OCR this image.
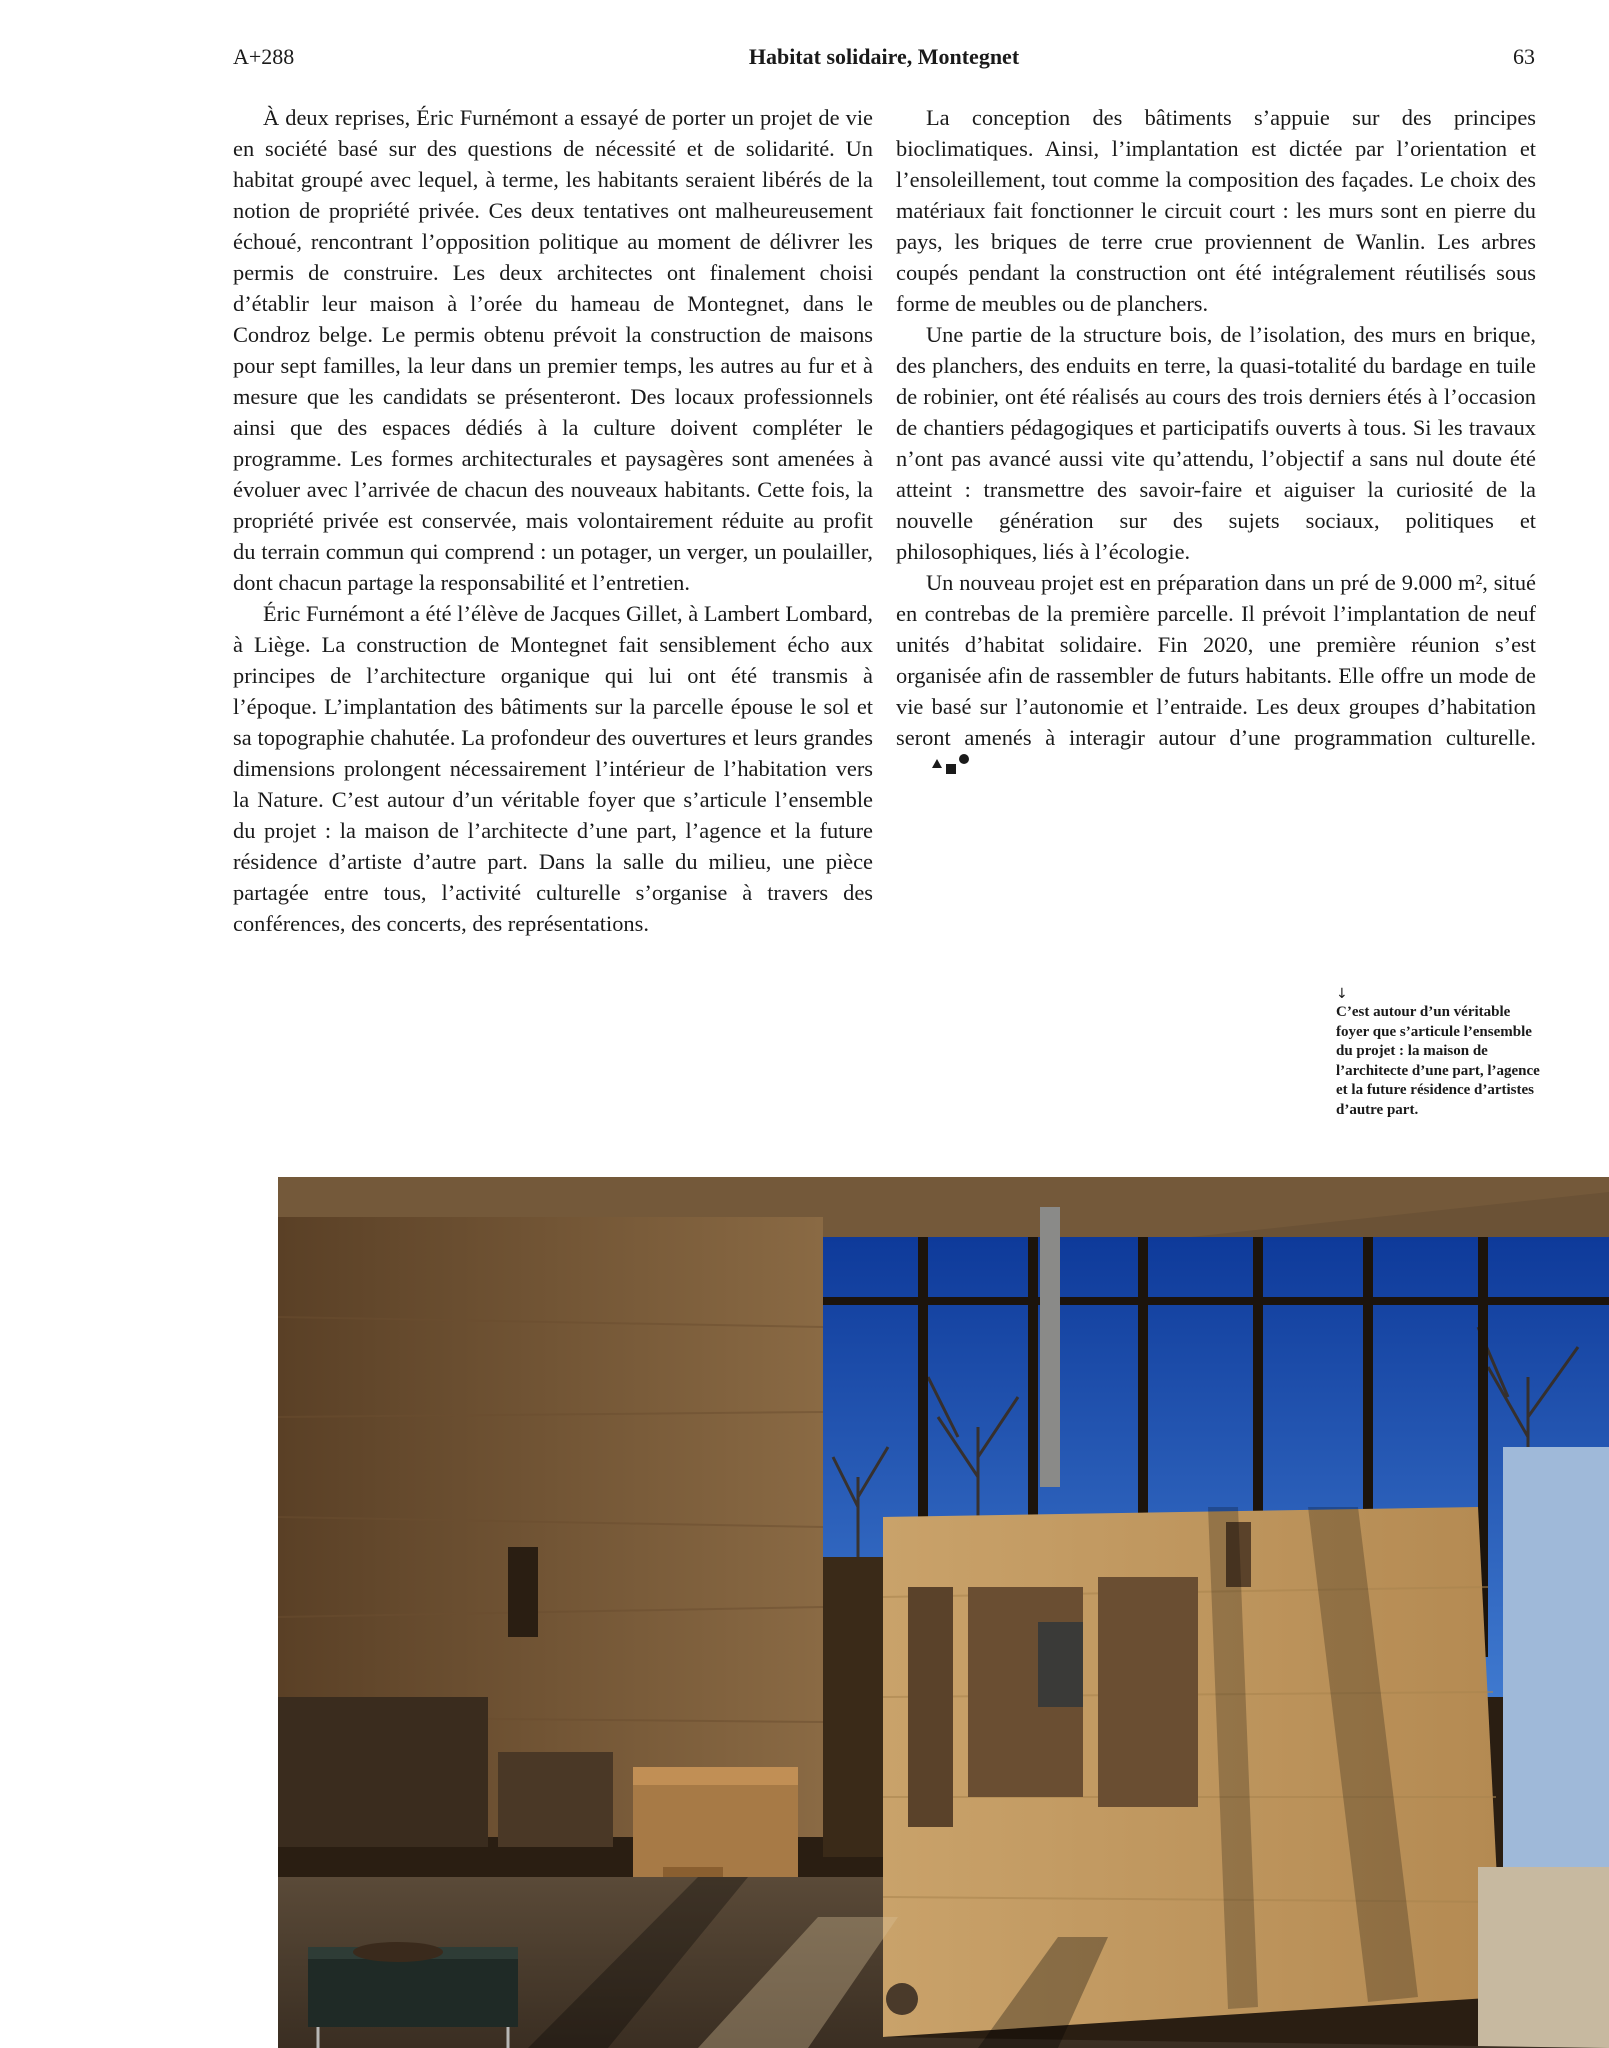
A+288	Habitat solidaire, Montegnet	63

À deux reprises, Éric Furnémont a essayé de porter un projet de vie en société basé sur des questions de nécessité et de solidarité. Un habitat groupé avec lequel, à terme, les habitants seraient libérés de la notion de propriété privée. Ces deux tentatives ont malheureusement échoué, rencontrant l’opposition politique au moment de délivrer les permis de construire. Les deux architectes ont finalement choisi d’établir leur maison à l’orée du hameau de Montegnet, dans le Condroz belge. Le permis obtenu prévoit la construction de maisons pour sept familles, la leur dans un premier temps, les autres au fur et à mesure que les candidats se présenteront. Des locaux professionnels ainsi que des espaces dédiés à la culture doivent compléter le programme. Les formes architecturales et paysagères sont amenées à évoluer avec l’arrivée de chacun des nouveaux habitants. Cette fois, la propriété privée est conservée, mais volontairement réduite au profit du terrain commun qui comprend : un potager, un verger, un poulailler, dont chacun partage la responsabilité et l’entretien.

Éric Furnémont a été l’élève de Jacques Gillet, à Lambert Lombard, à Liège. La construction de Montegnet fait sensiblement écho aux principes de l’architecture organique qui lui ont été transmis à l’époque. L’implantation des bâtiments sur la parcelle épouse le sol et sa topographie chahutée. La profondeur des ouvertures et leurs grandes dimensions prolongent nécessairement l’intérieur de l’habitation vers la Nature. C’est autour d’un véritable foyer que s’articule l’ensemble du projet : la maison de l’architecte d’une part, l’agence et la future résidence d’artiste d’autre part. Dans la salle du milieu, une pièce partagée entre tous, l’activité culturelle s’organise à travers des conférences, des concerts, des représentations.

La conception des bâtiments s’appuie sur des principes bioclimatiques. Ainsi, l’implantation est dictée par l’orientation et l’ensoleillement, tout comme la composition des façades. Le choix des matériaux fait fonctionner le circuit court : les murs sont en pierre du pays, les briques de terre crue proviennent de Wanlin. Les arbres coupés pendant la construction ont été intégralement réutilisés sous forme de meubles ou de planchers.

Une partie de la structure bois, de l’isolation, des murs en brique, des planchers, des enduits en terre, la quasi-totalité du bardage en tuile de robinier, ont été réalisés au cours des trois derniers étés à l’occasion de chantiers pédagogiques et participatifs ouverts à tous. Si les travaux n’ont pas avancé aussi vite qu’attendu, l’objectif a sans nul doute été atteint : transmettre des savoir-faire et aiguiser la curiosité de la nouvelle génération sur des sujets sociaux, politiques et philosophiques, liés à l’écologie.

Un nouveau projet est en préparation dans un pré de 9.000 m², situé en contrebas de la première parcelle. Il prévoit l’implantation de neuf unités d’habitat solidaire. Fin 2020, une première réunion s’est organisée afin de rassembler de futurs habitants. Elle offre un mode de vie basé sur l’autonomie et l’entraide. Les deux groupes d’habitation seront amenés à interagir autour d’une programmation culturelle.

↓
C’est autour d’un véritable foyer que s’articule l’ensemble du projet : la maison de l’architecte d’une part, l’agence et la future résidence d’artistes d’autre part.
